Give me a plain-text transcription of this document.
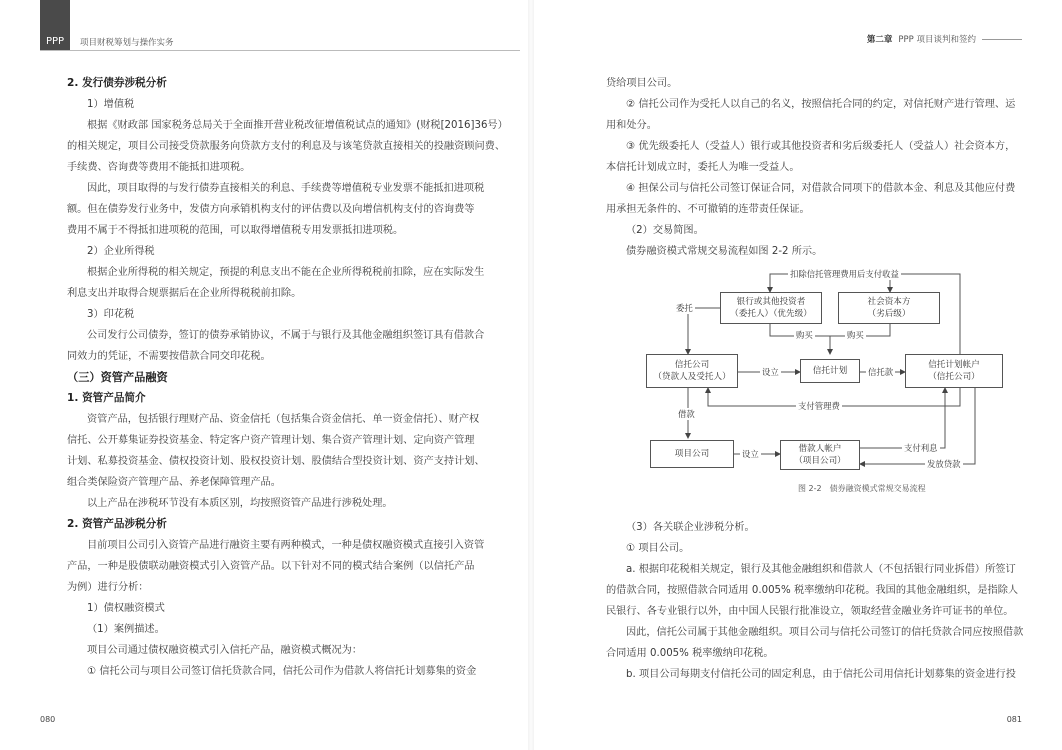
PPP 项目财税筹划与操作实务	第二章 PPP 项目谈判和签约

2. 发行债券涉税分析

1）增值税

根据《财政部 国家税务总局关于全面推开营业税改征增值税试点的通知》(财税[2016]36号）

的相关规定，项目公司接受贷款服务向贷款方支付的利息及与该笔贷款直接相关的投融资顾问费、

手续费、咨询费等费用不能抵扣进项税。

因此，项目取得的与发行债券直接相关的利息、手续费等增值税专业发票不能抵扣进项税

额。但在债券发行业务中，发债方向承销机构支付的评估费以及向增信机构支付的咨询费等

费用不属于不得抵扣进项税的范围，可以取得增值税专用发票抵扣进项税。

2）企业所得税

根据企业所得税的相关规定，预提的利息支出不能在企业所得税税前扣除，应在实际发生

利息支出并取得合规票据后在企业所得税税前扣除。

3）印花税

公司发行公司债券，签订的债券承销协议，不属于与银行及其他金融组织签订具有借款合

同效力的凭证，不需要按借款合同交印花税。

（三）资管产品融资

1. 资管产品简介

资管产品，包括银行理财产品、资金信托（包括集合资金信托、单一资金信托）、财产权

信托、公开募集证券投资基金、特定客户资产管理计划、集合资产管理计划、定向资产管理

计划、私募投资基金、债权投资计划、股权投资计划、股债结合型投资计划、资产支持计划、

组合类保险资产管理产品、养老保障管理产品。

以上产品在涉税环节没有本质区别，均按照资管产品进行涉税处理。

2. 资管产品涉税分析

目前项目公司引入资管产品进行融资主要有两种模式，一种是债权融资模式直接引入资管

产品，一种是股债联动融资模式引入资管产品。以下针对不同的模式结合案例（以信托产品

为例）进行分析：

1）债权融资模式

（1）案例描述。

项目公司通过债权融资模式引入信托产品，融资模式概况为：

① 信托公司与项目公司签订信托贷款合同，信托公司作为借款人将信托计划募集的资金

贷给项目公司。

② 信托公司作为受托人以自己的名义，按照信托合同的约定，对信托财产进行管理、运

用和处分。

③ 优先级委托人（受益人）银行或其他投资者和劣后级委托人（受益人）社会资本方，

本信托计划成立时，委托人为唯一受益人。

④ 担保公司与信托公司签订保证合同，对借款合同项下的借款本金、利息及其他应付费

用承担无条件的、不可撤销的连带责任保证。

（2）交易简图。

债券融资模式常规交易流程如图 2-2 所示。

银行或其他投资者
（委托人）（优先级）
社会资本方
（劣后级）
信托公司
（贷款人及受托人）
信托计划
信托计划帐户
（信托公司）
项目公司	借款人帐户
（项目公司）
扣除信托管理费用后支付收益
委托
购买	购买
设立	信托款
支付管理费
借款
设立
支付利息
发放贷款
图 2-2　债券融资模式常规交易流程

（3）各关联企业涉税分析。

① 项目公司。

a. 根据印花税相关规定，银行及其他金融组织和借款人（不包括银行同业拆借）所签订

的借款合同，按照借款合同适用 0.005% 税率缴纳印花税。我国的其他金融组织，是指除人

民银行、各专业银行以外，由中国人民银行批准设立，领取经营金融业务许可证书的单位。

因此，信托公司属于其他金融组织。项目公司与信托公司签订的信托贷款合同应按照借款

合同适用 0.005% 税率缴纳印花税。

b. 项目公司每期支付信托公司的固定利息，由于信托公司用信托计划募集的资金进行投

080	081
